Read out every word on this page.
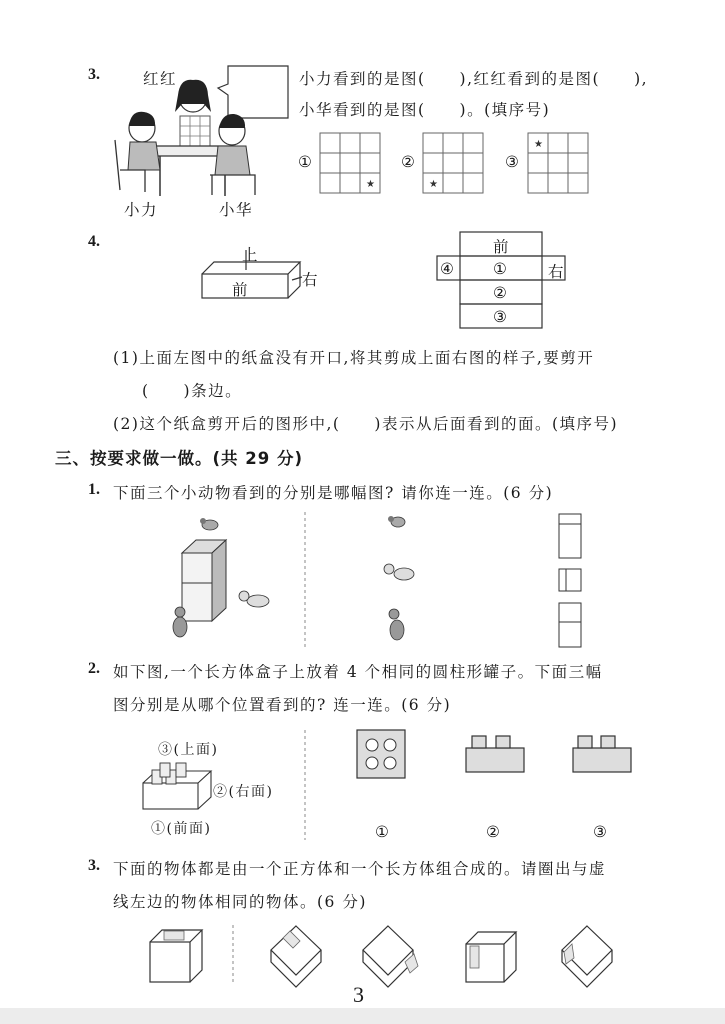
3.	红红
小力	小华
小力看到的是图(　　),红红看到的是图(　　),
小华看到的是图(　　)。(填序号)
①	②	③
4.
上
前
右
前
④ ①	右
②
③
(1)上面左图中的纸盒没有开口,将其剪成上面右图的样子,要剪开
(　　)条边。
(2)这个纸盒剪开后的图形中,(　　)表示从后面看到的面。(填序号)
三、按要求做一做。(共 29 分)
1. 下面三个小动物看到的分别是哪幅图? 请你连一连。(6 分)
2. 如下图,一个长方体盒子上放着 4 个相同的圆柱形罐子。下面三幅
图分别是从哪个位置看到的? 连一连。(6 分)
③(上面)
②(右面)
①(前面)	①	②	③
3. 下面的物体都是由一个正方体和一个长方体组合成的。请圈出与虚
线左边的物体相同的物体。(6 分)
3
★	★
★
